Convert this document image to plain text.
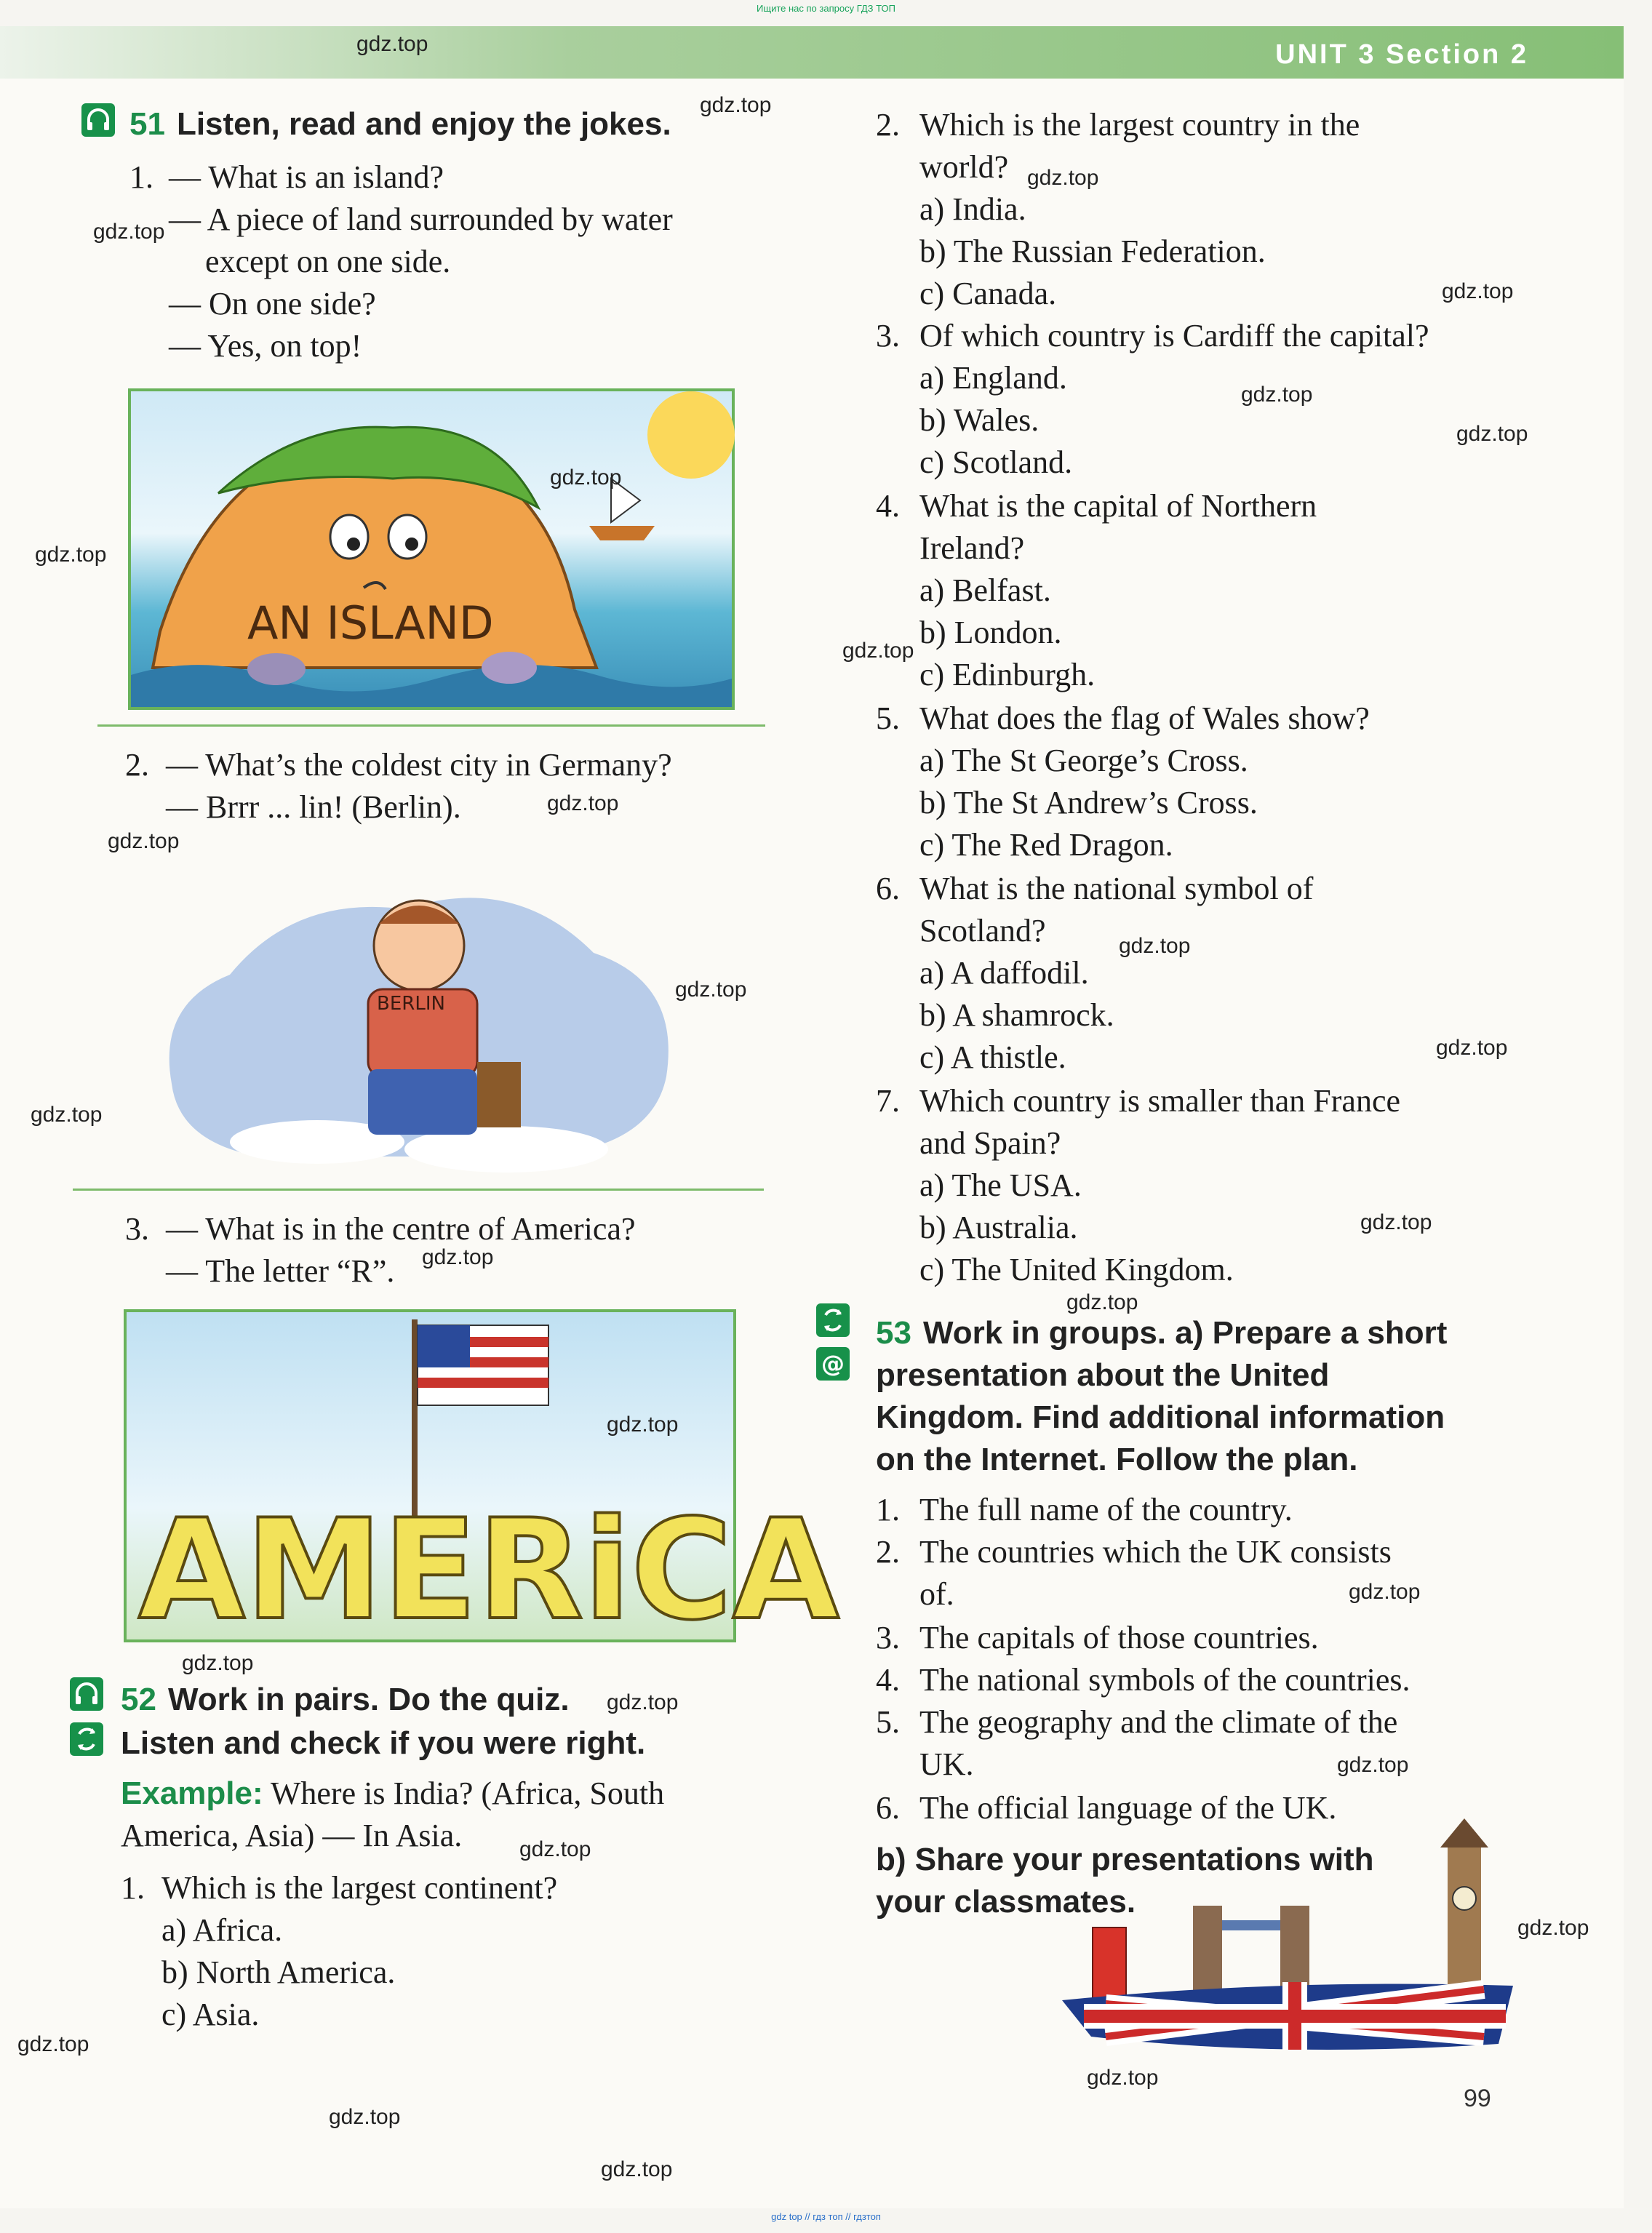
Ищите нас по запросу ГДЗ ТОП
UNIT 3 Section 2
51 Listen, read and enjoy the jokes.
1. — What is an island?
— A piece of land surrounded by water
except on one side.
— On one side?
— Yes, on top!
AN ISLAND
2. — What’s the coldest city in Germany?
— Brrr ... lin! (Berlin).
BERLIN
3. — What is in the centre of America?
— The letter “R”.
AMERiCA
52 Work in pairs. Do the quiz.
Listen and check if you were right.
Example: Where is India? (Africa, South
America, Asia) — In Asia.
1. Which is the largest continent?
a) Africa.
b) North America.
c) Asia.
2. Which is the largest country in the
world?
a) India.
b) The Russian Federation.
c) Canada.
3. Of which country is Cardiff the capital?
a) England.
b) Wales.
c) Scotland.
4. What is the capital of Northern
Ireland?
a) Belfast.
b) London.
c) Edinburgh.
5. What does the flag of Wales show?
a) The St George’s Cross.
b) The St Andrew’s Cross.
c) The Red Dragon.
6. What is the national symbol of
Scotland?
a) A daffodil.
b) A shamrock.
c) A thistle.
7. Which country is smaller than France
and Spain?
a) The USA.
b) Australia.
c) The United Kingdom.
@
53 Work in groups. a) Prepare a short
presentation about the United
Kingdom. Find additional information
on the Internet. Follow the plan.
1. The full name of the country.
2. The countries which the UK consists
of.
3. The capitals of those countries.
4. The national symbols of the countries.
5. The geography and the climate of the
UK.
6. The official language of the UK.
b) Share your presentations with
your classmates.
99
gdz.top
gdz.top
gdz.top
gdz.top
gdz.top
gdz.top
gdz.top
gdz.top
gdz.top
gdz.top
gdz.top
gdz.top
gdz.top
gdz.top
gdz.top
gdz.top
gdz.top
gdz.top
gdz.top
gdz.top
gdz.top
gdz.top
gdz.top
gdz.top
gdz.top
gdz.top
gdz.top
gdz.top
gdz.top
gdz.top
gdz top // гдз топ // гдзтоп
